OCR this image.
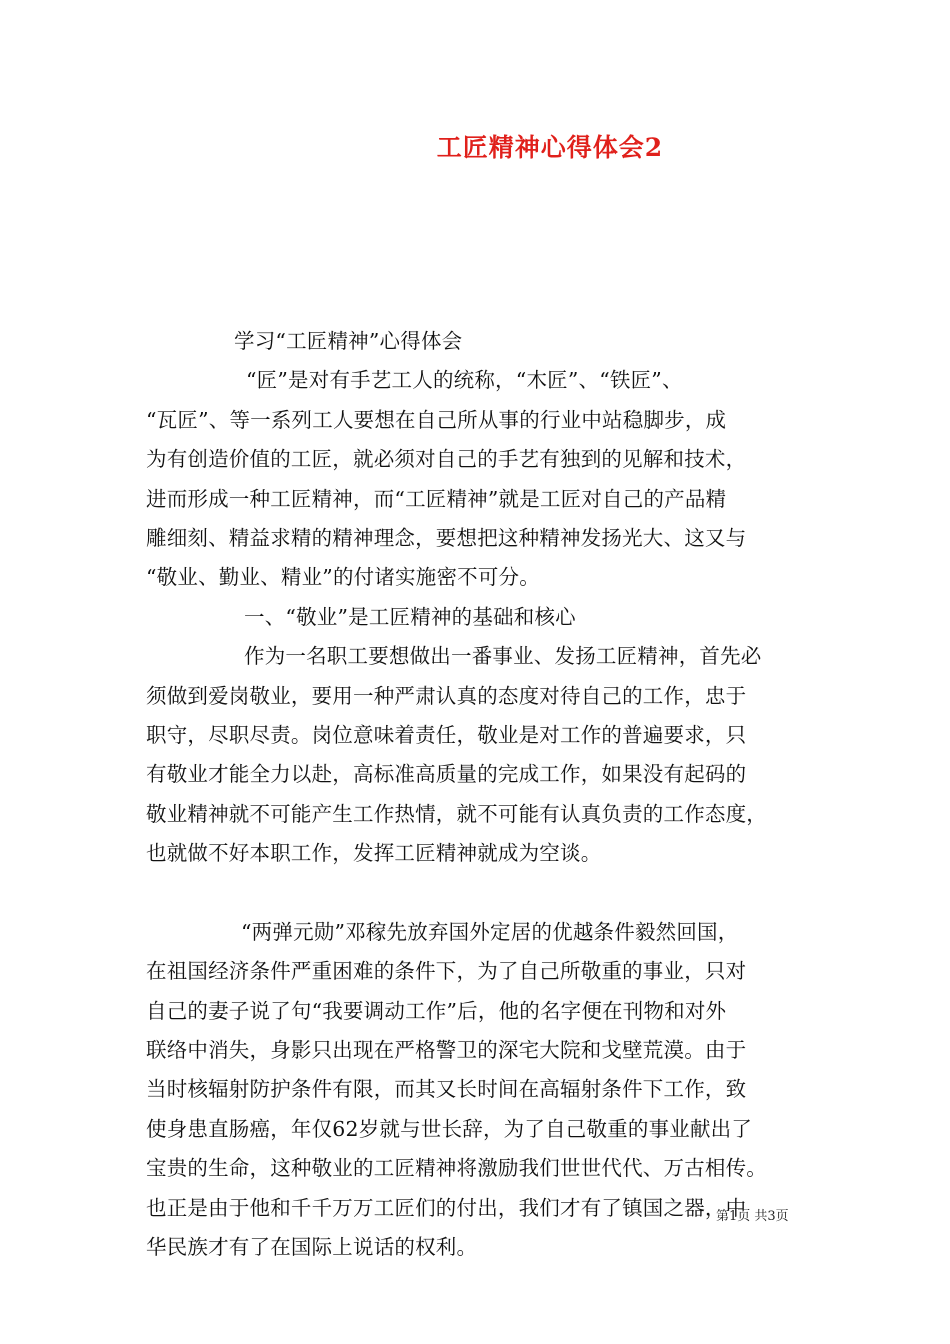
工匠精神心得体会2
学习“工匠精神”心得体会
“匠”是对有手艺工人的统称，“木匠”、“铁匠”、
“瓦匠”、等一系列工人要想在自己所从事的行业中站稳脚步，成
为有创造价值的工匠，就必须对自己的手艺有独到的见解和技术，
进而形成一种工匠精神，而“工匠精神”就是工匠对自己的产品精
雕细刻、精益求精的精神理念，要想把这种精神发扬光大、这又与
“敬业、勤业、精业”的付诸实施密不可分。
一、“敬业”是工匠精神的基础和核心
作为一名职工要想做出一番事业、发扬工匠精神，首先必
须做到爱岗敬业，要用一种严肃认真的态度对待自己的工作，忠于
职守，尽职尽责。岗位意味着责任，敬业是对工作的普遍要求，只
有敬业才能全力以赴，高标准高质量的完成工作，如果没有起码的
敬业精神就不可能产生工作热情，就不可能有认真负责的工作态度，
也就做不好本职工作，发挥工匠精神就成为空谈。
“两弹元勋”邓稼先放弃国外定居的优越条件毅然回国，
在祖国经济条件严重困难的条件下，为了自己所敬重的事业，只对
自己的妻子说了句“我要调动工作”后，他的名字便在刊物和对外
联络中消失，身影只出现在严格警卫的深宅大院和戈壁荒漠。由于
当时核辐射防护条件有限，而其又长时间在高辐射条件下工作，致
使身患直肠癌，年仅62岁就与世长辞，为了自己敬重的事业献出了
宝贵的生命，这种敬业的工匠精神将激励我们世世代代、万古相传。
也正是由于他和千千万万工匠们的付出，我们才有了镇国之器，中
华民族才有了在国际上说话的权利。
第1页 共3页
